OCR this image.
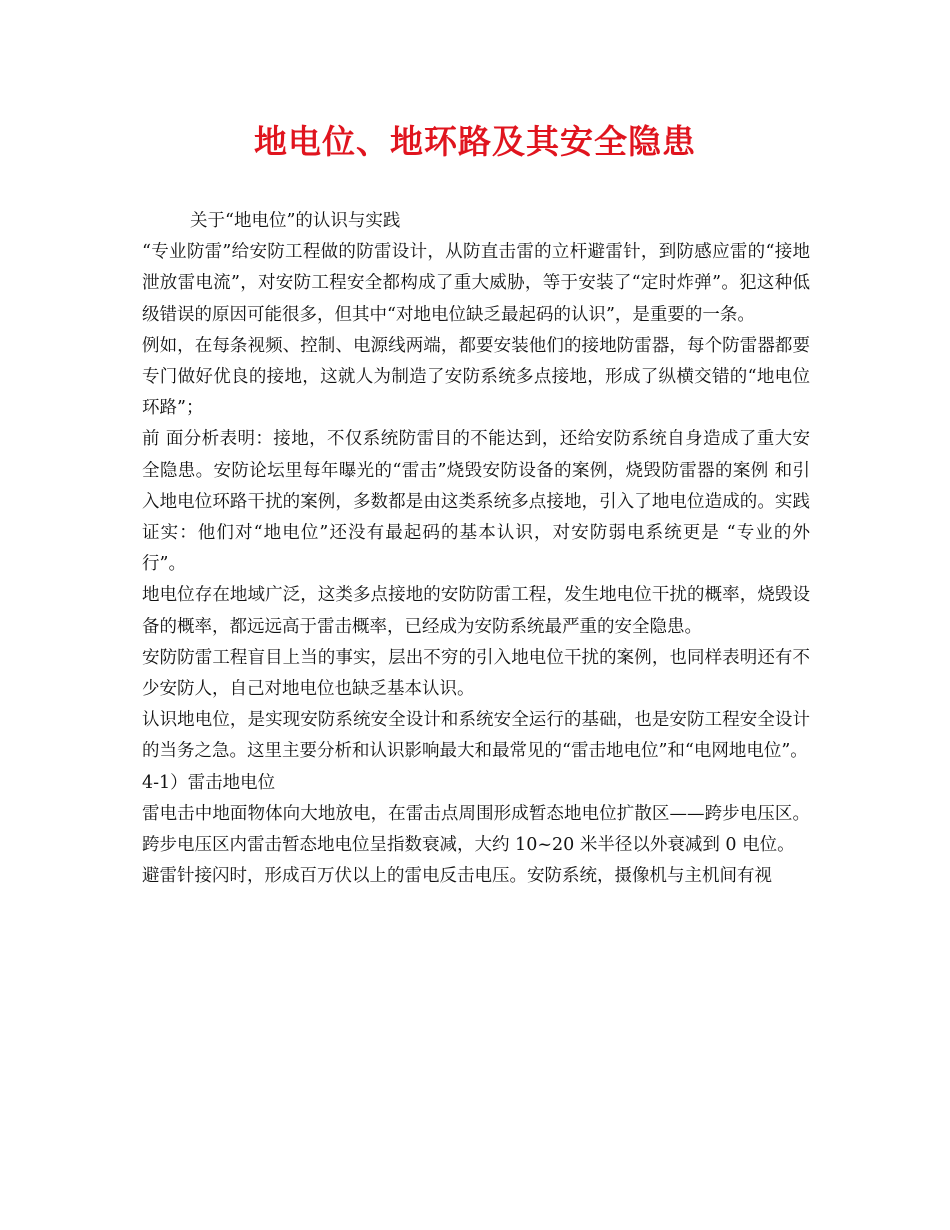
地电位、地环路及其安全隐患

关于“地电位”的认识与实践

“专业防雷”给安防工程做的防雷设计，从防直击雷的立杆避雷针，到防感应雷的“接地泄放雷电流”，对安防工程安全都构成了重大威胁，等于安装了“定时炸弹”。犯这种低级错误的原因可能很多，但其中“对地电位缺乏最起码的认识”，是重要的一条。

例如，在每条视频、控制、电源线两端，都要安装他们的接地防雷器，每个防雷器都要专门做好优良的接地，这就人为制造了安防系统多点接地，形成了纵横交错的“地电位环路”；

前 面分析表明：接地，不仅系统防雷目的不能达到，还给安防系统自身造成了重大安全隐患。安防论坛里每年曝光的“雷击”烧毁安防设备的案例，烧毁防雷器的案例 和引入地电位环路干扰的案例，多数都是由这类系统多点接地，引入了地电位造成的。实践证实：他们对“地电位”还没有最起码的基本认识，对安防弱电系统更是 “专业的外行”。

地电位存在地域广泛，这类多点接地的安防防雷工程，发生地电位干扰的概率，烧毁设备的概率，都远远高于雷击概率，已经成为安防系统最严重的安全隐患。

安防防雷工程盲目上当的事实，层出不穷的引入地电位干扰的案例，也同样表明还有不少安防人，自己对地电位也缺乏基本认识。

认识地电位，是实现安防系统安全设计和系统安全运行的基础，也是安防工程安全设计的当务之急。这里主要分析和认识影响最大和最常见的“雷击地电位”和“电网地电位”。

4-1）雷击地电位

雷电击中地面物体向大地放电，在雷击点周围形成暂态地电位扩散区——跨步电压区。跨步电压区内雷击暂态地电位呈指数衰减，大约 10~20 米半径以外衰减到 0 电位。

避雷针接闪时，形成百万伏以上的雷电反击电压。安防系统，摄像机与主机间有视
